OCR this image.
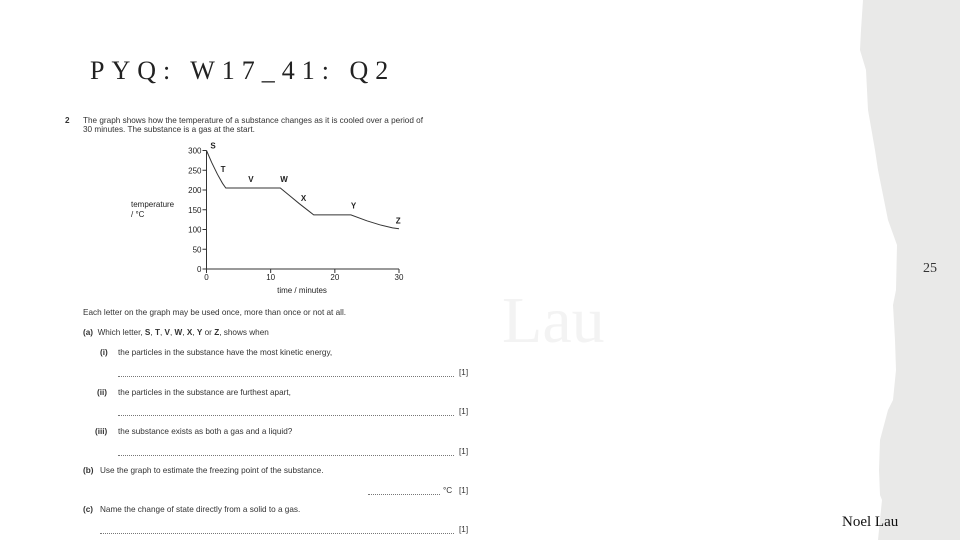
Lau
PYQ: W17_41: Q2
25
Noel Lau
2 The graph shows how the temperature of a substance changes as it is cooled over a period of
30 minutes. The substance is a gas at the start.
0
50
100
150
200
250
300
0	10	20	30
S
T
V	W
X
Y
Z
temperature
/ °C
time / minutes
Each letter on the graph may be used once, more than once or not at all.
(a) Which letter, S, T, V, W, X, Y or Z, shows when
(i) the particles in the substance have the most kinetic energy,
[1]
(ii) the particles in the substance are furthest apart,
[1]
(iii) the substance exists as both a gas and a liquid?
[1]
(b) Use the graph to estimate the freezing point of the substance.
°C [1]
(c) Name the change of state directly from a solid to a gas.
[1]
